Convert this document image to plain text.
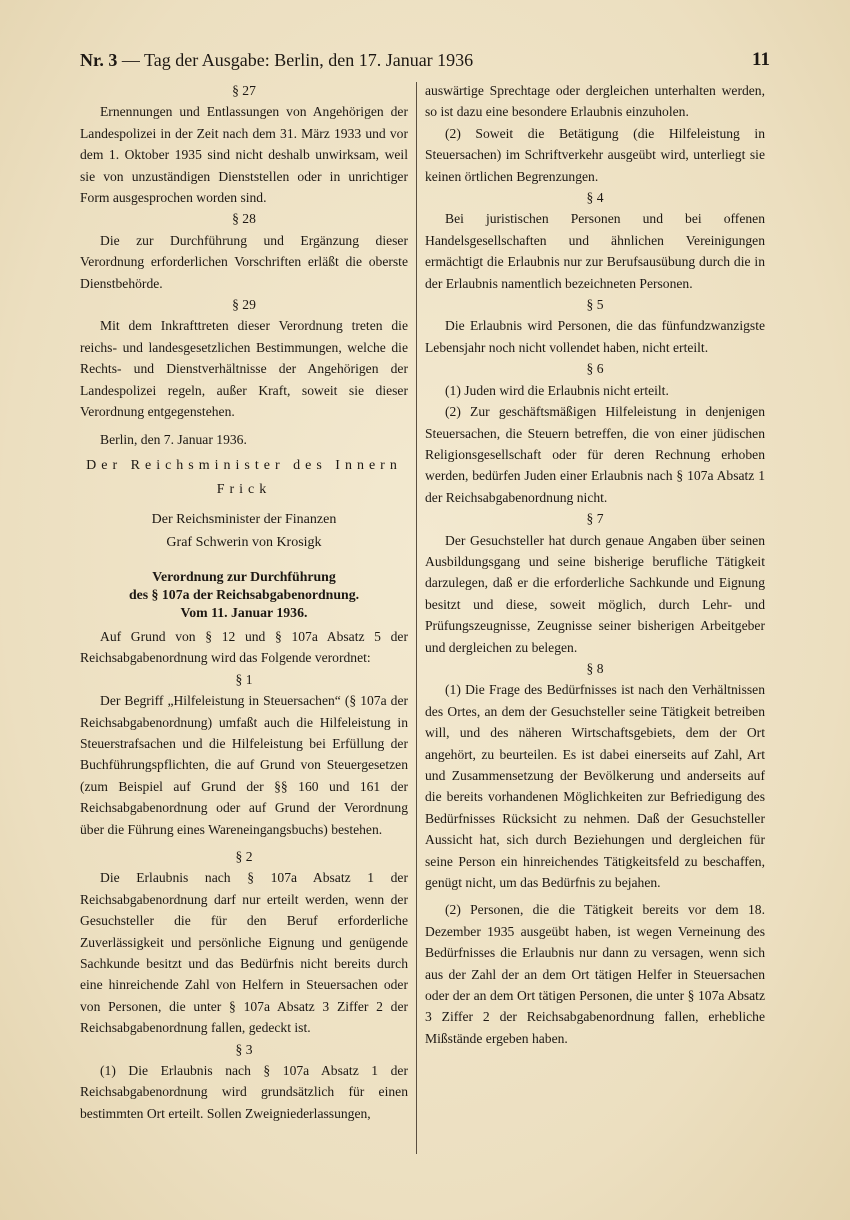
Nr. 3 — Tag der Ausgabe: Berlin, den 17. Januar 1936	11

§ 27

Ernennungen und Entlassungen von Angehörigen der Landespolizei in der Zeit nach dem 31. März 1933 und vor dem 1. Oktober 1935 sind nicht deshalb unwirksam, weil sie von unzuständigen Dienststellen oder in unrichtiger Form ausgesprochen worden sind.

§ 28

Die zur Durchführung und Ergänzung dieser Verordnung erforderlichen Vorschriften erläßt die oberste Dienstbehörde.

§ 29

Mit dem Inkrafttreten dieser Verordnung treten die reichs- und landesgesetzlichen Bestimmungen, welche die Rechts- und Dienstverhältnisse der Angehörigen der Landespolizei regeln, außer Kraft, soweit sie dieser Verordnung entgegenstehen.

Berlin, den 7. Januar 1936.

Der Reichsminister des Innern

Frick

Der Reichsminister der Finanzen

Graf Schwerin von Krosigk

Verordnung zur Durchführung
des § 107a der Reichsabgabenordnung.
Vom 11. Januar 1936.

Auf Grund von § 12 und § 107a Absatz 5 der Reichsabgabenordnung wird das Folgende verordnet:

§ 1

Der Begriff „Hilfeleistung in Steuersachen“ (§ 107a der Reichsabgabenordnung) umfaßt auch die Hilfeleistung in Steuerstrafsachen und die Hilfeleistung bei Erfüllung der Buchführungspflichten, die auf Grund von Steuergesetzen (zum Beispiel auf Grund der §§ 160 und 161 der Reichsabgabenordnung oder auf Grund der Verordnung über die Führung eines Wareneingangsbuchs) bestehen.

§ 2

Die Erlaubnis nach § 107a Absatz 1 der Reichsabgabenordnung darf nur erteilt werden, wenn der Gesuchsteller die für den Beruf erforderliche Zuverlässigkeit und persönliche Eignung und genügende Sachkunde besitzt und das Bedürfnis nicht bereits durch eine hinreichende Zahl von Helfern in Steuersachen oder von Personen, die unter § 107a Absatz 3 Ziffer 2 der Reichsabgabenordnung fallen, gedeckt ist.

§ 3

(1) Die Erlaubnis nach § 107a Absatz 1 der Reichsabgabenordnung wird grundsätzlich für einen bestimmten Ort erteilt. Sollen Zweigniederlassungen,

auswärtige Sprechtage oder dergleichen unterhalten werden, so ist dazu eine besondere Erlaubnis einzuholen.

(2) Soweit die Betätigung (die Hilfeleistung in Steuersachen) im Schriftverkehr ausgeübt wird, unterliegt sie keinen örtlichen Begrenzungen.

§ 4

Bei juristischen Personen und bei offenen Handelsgesellschaften und ähnlichen Vereinigungen ermächtigt die Erlaubnis nur zur Berufsausübung durch die in der Erlaubnis namentlich bezeichneten Personen.

§ 5

Die Erlaubnis wird Personen, die das fünfundzwanzigste Lebensjahr noch nicht vollendet haben, nicht erteilt.

§ 6

(1) Juden wird die Erlaubnis nicht erteilt.

(2) Zur geschäftsmäßigen Hilfeleistung in denjenigen Steuersachen, die Steuern betreffen, die von einer jüdischen Religionsgesellschaft oder für deren Rechnung erhoben werden, bedürfen Juden einer Erlaubnis nach § 107a Absatz 1 der Reichsabgabenordnung nicht.

§ 7

Der Gesuchsteller hat durch genaue Angaben über seinen Ausbildungsgang und seine bisherige berufliche Tätigkeit darzulegen, daß er die erforderliche Sachkunde und Eignung besitzt und diese, soweit möglich, durch Lehr- und Prüfungszeugnisse, Zeugnisse seiner bisherigen Arbeitgeber und dergleichen zu belegen.

§ 8

(1) Die Frage des Bedürfnisses ist nach den Verhältnissen des Ortes, an dem der Gesuchsteller seine Tätigkeit betreiben will, und des näheren Wirtschaftsgebiets, dem der Ort angehört, zu beurteilen. Es ist dabei einerseits auf Zahl, Art und Zusammensetzung der Bevölkerung und anderseits auf die bereits vorhandenen Möglichkeiten zur Befriedigung des Bedürfnisses Rücksicht zu nehmen. Daß der Gesuchsteller Aussicht hat, sich durch Beziehungen und dergleichen für seine Person ein hinreichendes Tätigkeitsfeld zu beschaffen, genügt nicht, um das Bedürfnis zu bejahen.

(2) Personen, die die Tätigkeit bereits vor dem 18. Dezember 1935 ausgeübt haben, ist wegen Verneinung des Bedürfnisses die Erlaubnis nur dann zu versagen, wenn sich aus der Zahl der an dem Ort tätigen Helfer in Steuersachen oder der an dem Ort tätigen Personen, die unter § 107a Absatz 3 Ziffer 2 der Reichsabgabenordnung fallen, erhebliche Mißstände ergeben haben.
